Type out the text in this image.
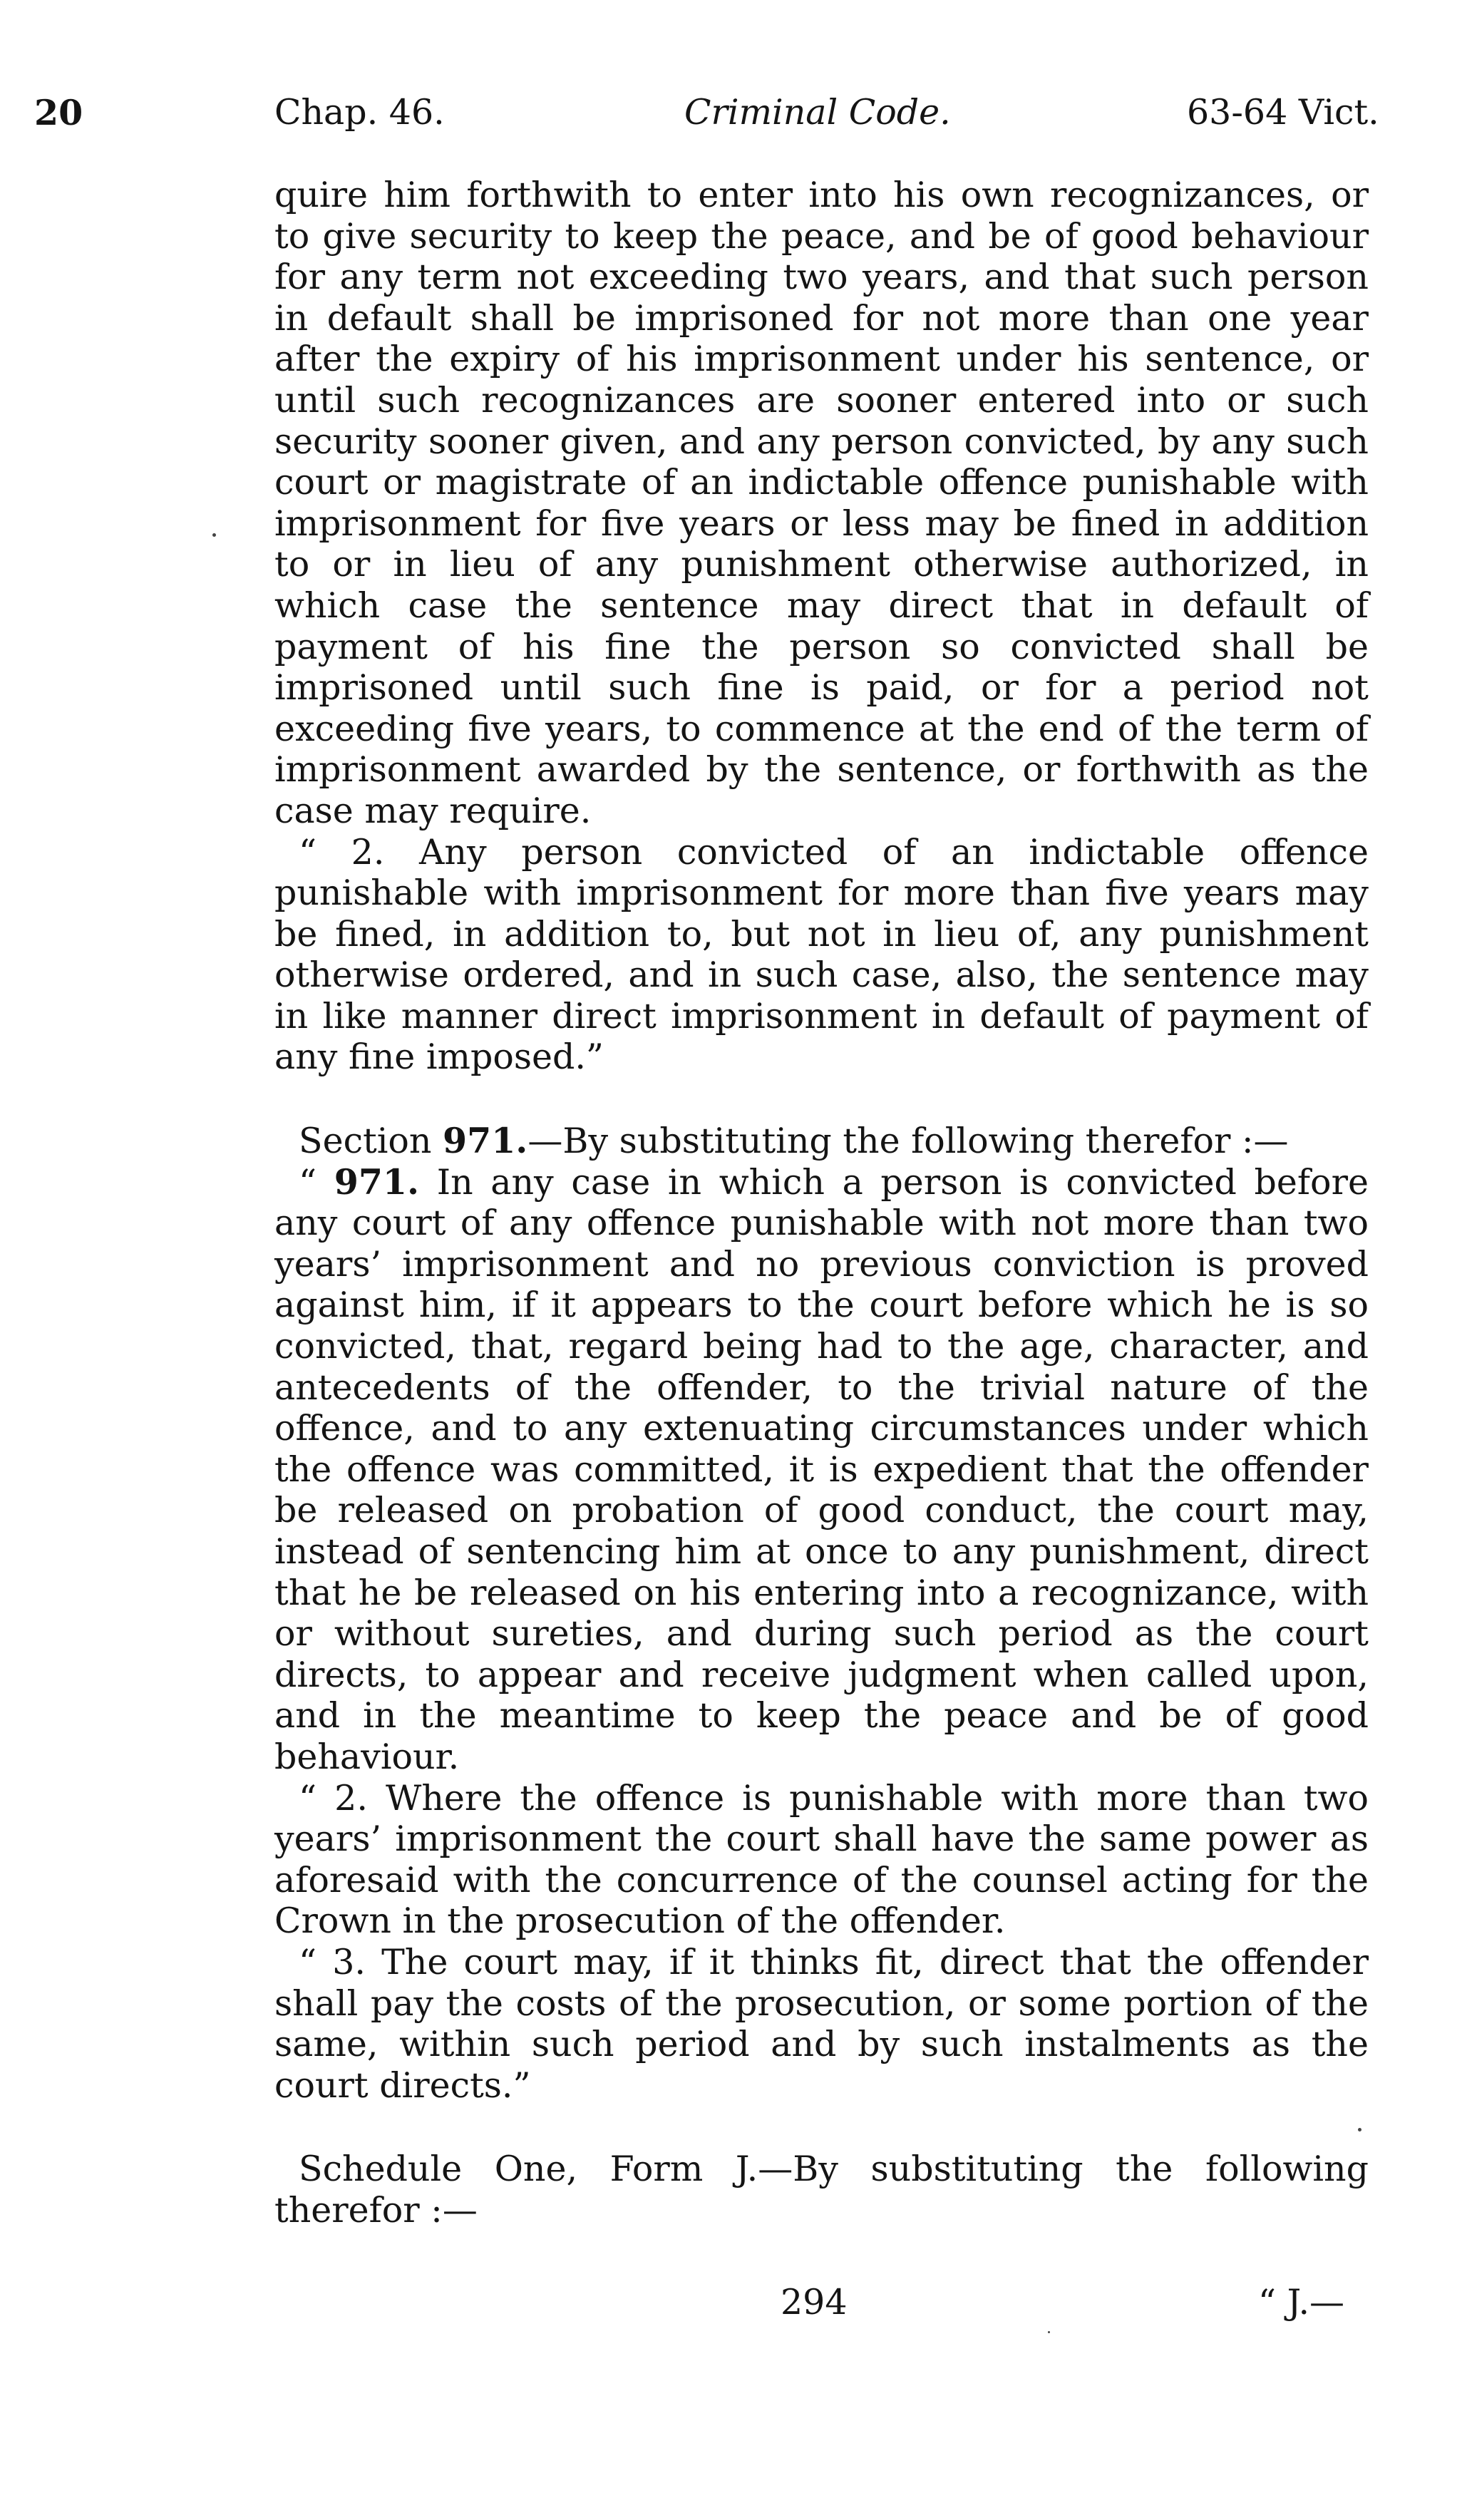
20	Chap. 46.	Criminal Code.	63-64 Vict.

quire him forthwith to enter into his own recognizances, or to give security to keep the peace, and be of good behaviour for any term not exceeding two years, and that such person in default shall be imprisoned for not more than one year after the expiry of his imprisonment under his sentence, or until such recognizances are sooner entered into or such security sooner given, and any person convicted, by any such court or magistrate of an indictable offence punishable with imprisonment for five years or less may be fined in addition to or in lieu of any punishment otherwise authorized, in which case the sentence may direct that in default of payment of his fine the person so convicted shall be imprisoned until such fine is paid, or for a period not exceeding five years, to commence at the end of the term of imprisonment awarded by the sentence, or forthwith as the case may require.

“ 2. Any person convicted of an indictable offence punishable with imprisonment for more than five years may be fined, in addition to, but not in lieu of, any punishment otherwise ordered, and in such case, also, the sentence may in like manner direct imprisonment in default of payment of any fine imposed.”

Section 971.—By substituting the following therefor :—

“ 971. In any case in which a person is convicted before any court of any offence punishable with not more than two years’ imprisonment and no previous conviction is proved against him, if it appears to the court before which he is so convicted, that, regard being had to the age, character, and antecedents of the offender, to the trivial nature of the offence, and to any extenuating circumstances under which the offence was committed, it is expedient that the offender be released on probation of good conduct, the court may, instead of sentencing him at once to any punishment, direct that he be released on his entering into a recognizance, with or without sureties, and during such period as the court directs, to appear and receive judgment when called upon, and in the meantime to keep the peace and be of good behaviour.

“ 2. Where the offence is punishable with more than two years’ imprisonment the court shall have the same power as aforesaid with the concurrence of the counsel acting for the Crown in the prosecution of the offender.

“ 3. The court may, if it thinks fit, direct that the offender shall pay the costs of the prosecution, or some portion of the same, within such period and by such instalments as the court directs.”

Schedule One, Form J.—By substituting the following therefor :—

294	“ J.—
